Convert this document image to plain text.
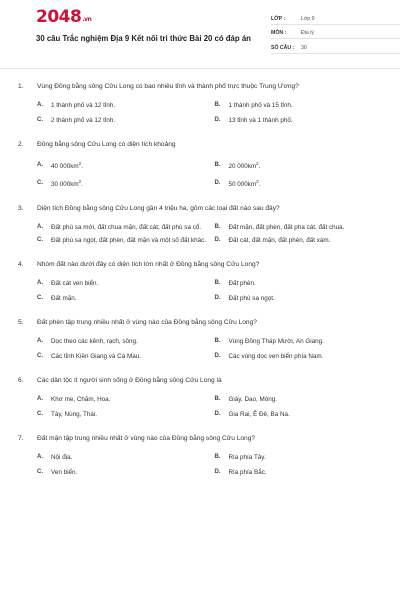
2048.vn
30 câu Trắc nghiệm Địa 9 Kết nối tri thức Bài 20 có đáp án
LỚP :	Lớp 9
MÔN :	Địa lý
SỐ CÂU :	30
1.	Vùng Đồng bằng sông Cửu Long có bao nhiêu tỉnh và thành phố trực thuộc Trung Ương?
A.	1 thành phố và 12 tỉnh.	B.	1 thành phố và 15 tỉnh.
C.	2 thành phố và 12 tỉnh.	D.	13 tỉnh và 1 thành phố.
2.	Đồng bằng sông Cửu Long có diện tích khoảng
A.	40 $000km^2$.	B.	20 $000km^2$.
C.	30 $000km^2$.	D.	50 $000km^2$.
3.	Diện tích Đồng bằng sông Cửu Long gần 4 triệu ha, gồm các loại đất nào sau đây?
A.	Đất phù sa mới, đất chua mặn, đất cát, đất phù sa cổ.	B.	Đất mặn, đất phèn, đất pha cát, đất chua.
C.	Đất phù sa ngọt, đất phèn, đất mặn và một số đất khác. D.	Đất cát, đất mặn, đất phèn, đất xám.
4.	Nhóm đất nào dưới đây có diện tích lớn nhất ở Đồng bằng sông Cửu Long?
A.	Đất cát ven biển.	B.	Đất phèn.
C.	Đất mặn.	D.	Đất phù sa ngọt.
5.	Đất phèn tập trung nhiều nhất ở vùng nào của Đồng bằng sông Cửu Long?
A.	Dọc theo các kênh, rạch, sông.	B.	Vùng Đồng Tháp Mười, An Giang.
C.	Các tỉnh Kiên Giang và Cà Mau.	D.	Các vùng dọc ven biển phía Nam.
6.	Các dân tộc ít người sinh sống ở Đồng bằng sông Cửu Long là
A.	Khơ me, Chăm, Hoa.	B.	Giáy, Dao, Mông.
C.	Tày, Nùng, Thái.	D.	Gia Rai, Ê Đê, Ba Na.
7.	Đất mặn tập trung nhiều nhất ở vùng nào của Đồng bằng sông Cửu Long?
A.	Nội địa.	B.	Rìa phía Tây.
C.	Ven biển.	D.	Rìa phía Bắc.
